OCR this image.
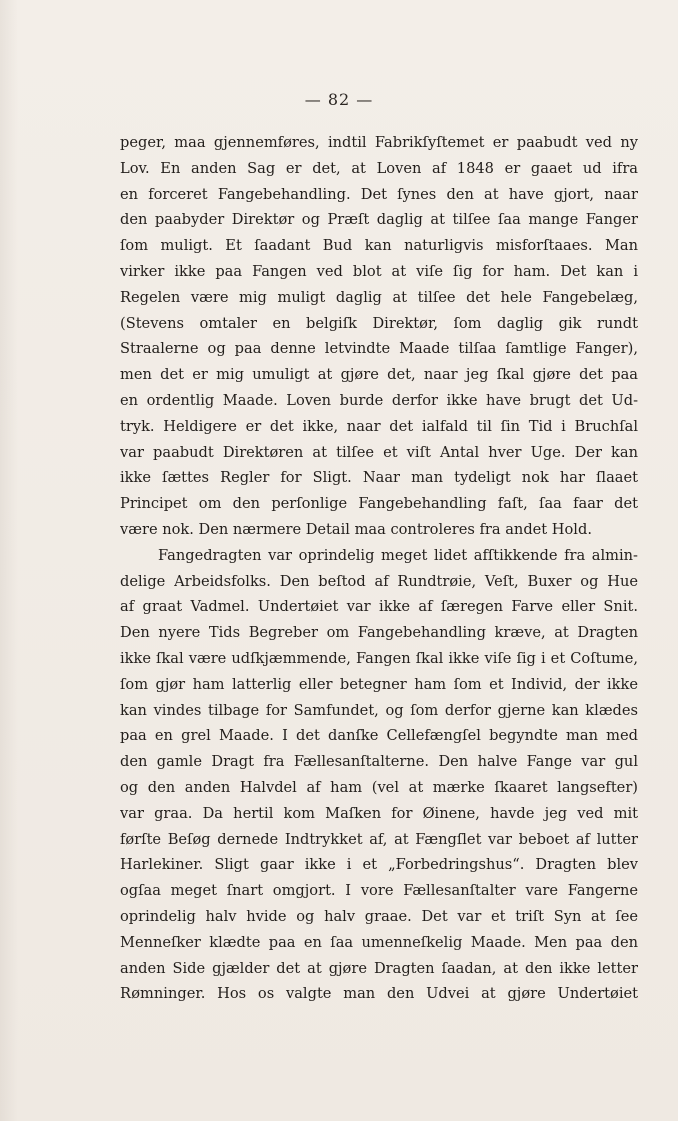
— 82 —
peger, maa gjennemføres, indtil Fabrikſyſtemet er paabudt ved ny
Lov. En anden Sag er det, at Loven af 1848 er gaaet ud ifra
en forceret Fangebehandling. Det ſynes den at have gjort, naar
den paabyder Direktør og Præſt daglig at tilſee ſaa mange Fanger
ſom muligt. Et ſaadant Bud kan naturligvis misforſtaaes. Man
virker ikke paa Fangen ved blot at viſe ſig for ham. Det kan i
Regelen være mig muligt daglig at tilſee det hele Fangebelæg,
(Stevens omtaler en belgiſk Direktør, ſom daglig gik rundt
Straalerne og paa denne letvindte Maade tilſaa ſamtlige Fanger),
men det er mig umuligt at gjøre det, naar jeg ſkal gjøre det paa
en ordentlig Maade. Loven burde derfor ikke have brugt det Ud-
tryk. Heldigere er det ikke, naar det ialfald til ſin Tid i Bruchſal
var paabudt Direktøren at tilſee et viſt Antal hver Uge. Der kan
ikke ſættes Regler for Sligt. Naar man tydeligt nok har ſlaaet
Principet om den perſonlige Fangebehandling faſt, ſaa faar det
være nok. Den nærmere Detail maa controleres fra andet Hold.
Fangedragten var oprindelig meget lidet afſtikkende fra almin-
delige Arbeidsfolks. Den beſtod af Rundtrøie, Veſt, Buxer og Hue
af graat Vadmel. Undertøiet var ikke af ſæregen Farve eller Snit.
Den nyere Tids Begreber om Fangebehandling kræve, at Dragten
ikke ſkal være udſkjæmmende, Fangen ſkal ikke viſe ſig i et Coſtume,
ſom gjør ham latterlig eller betegner ham ſom et Individ, der ikke
kan vindes tilbage for Samfundet, og ſom derfor gjerne kan klædes
paa en grel Maade. I det danſke Cellefængſel begyndte man med
den gamle Dragt fra Fællesanſtalterne. Den halve Fange var gul
og den anden Halvdel af ham (vel at mærke ſkaaret langsefter)
var graa. Da hertil kom Maſken for Øinene, havde jeg ved mit
førſte Beſøg dernede Indtrykket af, at Fængſlet var beboet af lutter
Harlekiner. Sligt gaar ikke i et „Forbedringshus“. Dragten blev
ogſaa meget ſnart omgjort. I vore Fællesanſtalter vare Fangerne
oprindelig halv hvide og halv graae. Det var et triſt Syn at ſee
Menneſker klædte paa en ſaa umenneſkelig Maade. Men paa den
anden Side gjælder det at gjøre Dragten ſaadan, at den ikke letter
Rømninger. Hos os valgte man den Udvei at gjøre Undertøiet
